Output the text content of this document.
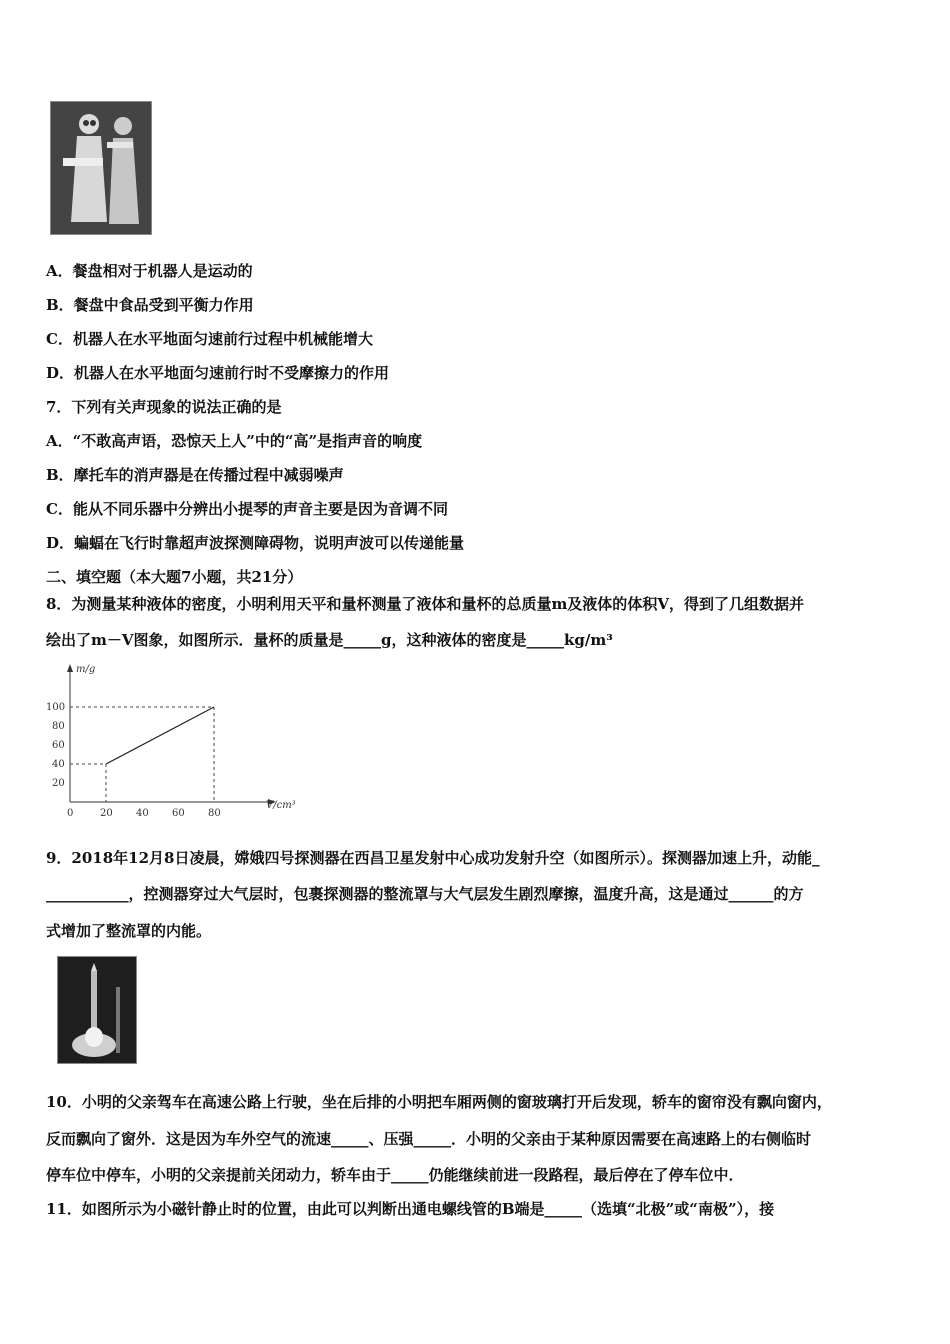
A．餐盘相对于机器人是运动的
B．餐盘中食品受到平衡力作用
C．机器人在水平地面匀速前行过程中机械能增大
D．机器人在水平地面匀速前行时不受摩擦力的作用
7．下列有关声现象的说法正确的是
A．“不敢高声语，恐惊天上人”中的“高”是指声音的响度
B．摩托车的消声器是在传播过程中减弱噪声
C．能从不同乐器中分辨出小提琴的声音主要是因为音调不同
D．蝙蝠在飞行时靠超声波探测障碍物，说明声波可以传递能量
二、填空题（本大题7小题，共21分）
8．为测量某种液体的密度，小明利用天平和量杯测量了液体和量杯的总质量m及液体的体积V，得到了几组数据并
绘出了m－V图象，如图所示．量杯的质量是_____g，这种液体的密度是_____kg/m³
m/g
V/cm³
0	20 40 60 80
20
40
60
80
100
9．2018年12月8日凌晨，嫦娥四号探测器在西昌卫星发射中心成功发射升空（如图所示）。探测器加速上升，动能_
___________，控测器穿过大气层时，包裹探测器的整流罩与大气层发生剧烈摩擦，温度升高，这是通过______的方
式增加了整流罩的内能。
10．小明的父亲驾车在高速公路上行驶，坐在后排的小明把车厢两侧的窗玻璃打开后发现，轿车的窗帘没有飘向窗内，
反而飘向了窗外．这是因为车外空气的流速_____、压强_____．小明的父亲由于某种原因需要在高速路上的右侧临时
停车位中停车，小明的父亲提前关闭动力，轿车由于_____仍能继续前进一段路程，最后停在了停车位中．
11．如图所示为小磁针静止时的位置，由此可以判断出通电螺线管的B端是_____（选填“北极”或“南极”），接
